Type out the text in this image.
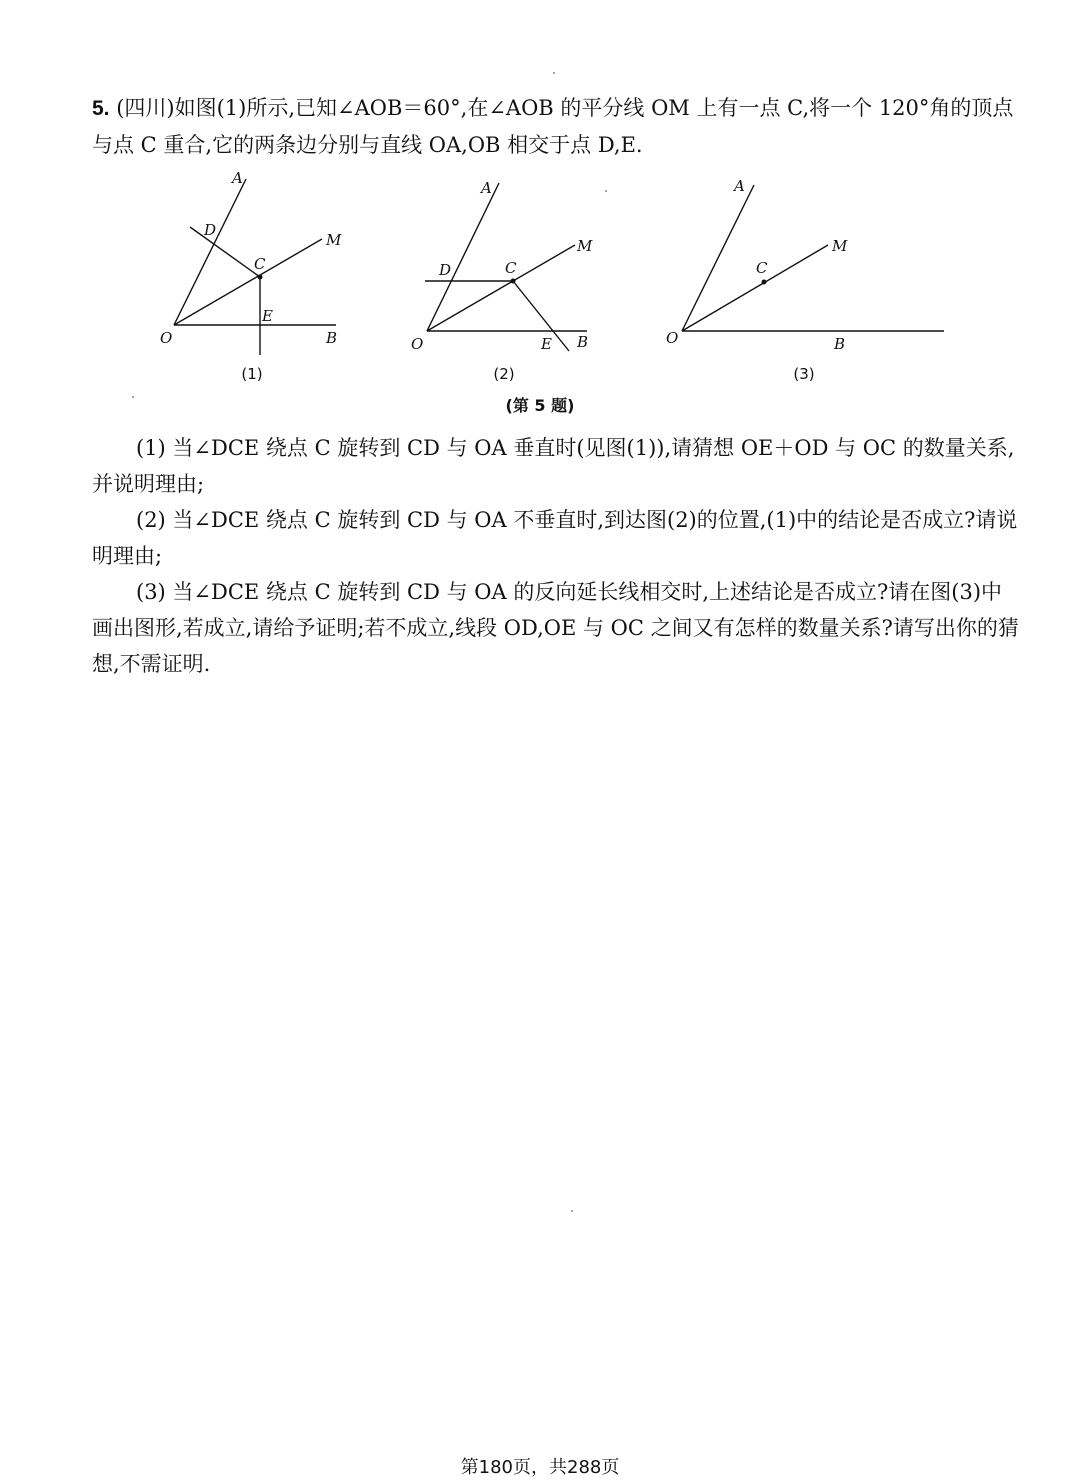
5. (四川)如图(1)所示,已知∠AOB＝60°,在∠AOB 的平分线 OM 上有一点 C,将一个 120°角的顶点与点 C 重合,它的两条边分别与直线 OA,OB 相交于点 D,E.
A
D
C
M
E
O	B
(1)
A
D	C
M
O	E B
(2)
A
C
M
O	B
(3)
(第 5 题)

(1) 当∠DCE 绕点 C 旋转到 CD 与 OA 垂直时(见图(1)),请猜想 OE＋OD 与 OC 的数量关系,并说明理由;

(2) 当∠DCE 绕点 C 旋转到 CD 与 OA 不垂直时,到达图(2)的位置,(1)中的结论是否成立?请说明理由;

(3) 当∠DCE 绕点 C 旋转到 CD 与 OA 的反向延长线相交时,上述结论是否成立?请在图(3)中画出图形,若成立,请给予证明;若不成立,线段 OD,OE 与 OC 之间又有怎样的数量关系?请写出你的猜想,不需证明.

第180页，共288页
